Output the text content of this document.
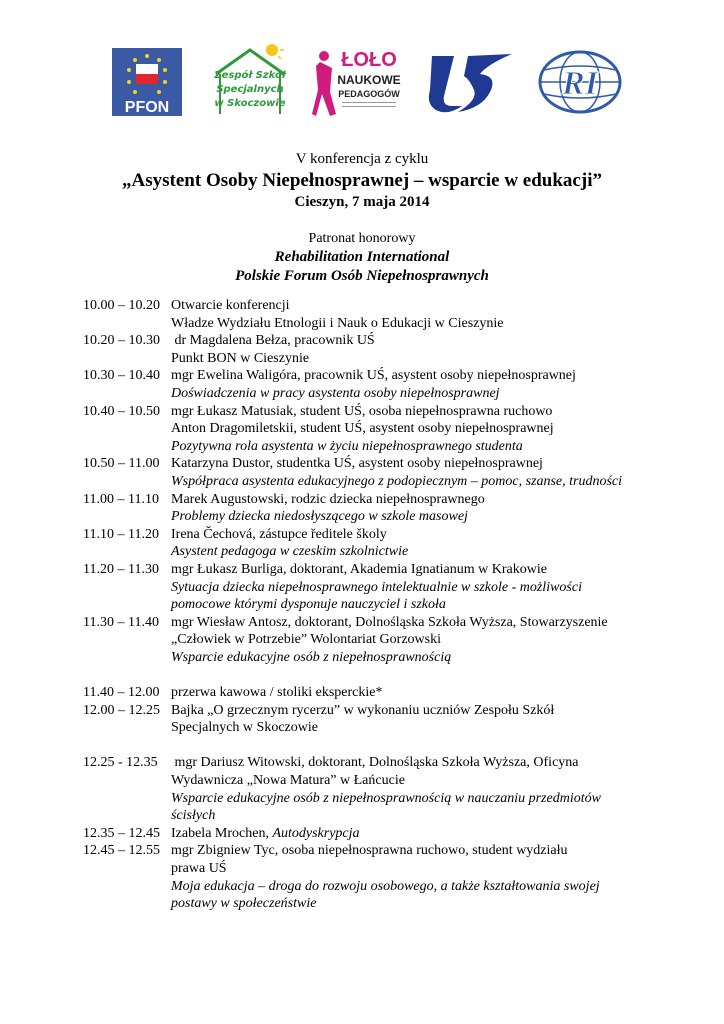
PFON
Zespół Szkół
Specjalnych
w Skoczowie
ŁOŁO
NAUKOWE
PEDAGOGÓW	RI
V konferencja z cyklu
„Asystent Osoby Niepełnosprawnej – wsparcie w edukacji”
Cieszyn, 7 maja 2014
Patronat honorowy
Rehabilitation International
Polskie Forum Osób Niepełnosprawnych
10.00 – 10.20 Otwarcie konferencji
Władze Wydziału Etnologii i Nauk o Edukacji w Cieszynie
10.20 – 10.30 dr Magdalena Bełza, pracownik UŚ
Punkt BON w Cieszynie
10.30 – 10.40 mgr Ewelina Waligóra, pracownik UŚ, asystent osoby niepełnosprawnej
Doświadczenia w pracy asystenta osoby niepełnosprawnej
10.40 – 10.50 mgr Łukasz Matusiak, student UŚ, osoba niepełnosprawna ruchowo
Anton Dragomiletskii, student UŚ, asystent osoby niepełnosprawnej
Pozytywna rola asystenta w życiu niepełnosprawnego studenta
10.50 – 11.00 Katarzyna Dustor, studentka UŚ, asystent osoby niepełnosprawnej
Współpraca asystenta edukacyjnego z podopiecznym – pomoc, szanse, trudności
11.00 – 11.10 Marek Augustowski, rodzic dziecka niepełnosprawnego
Problemy dziecka niedosłyszącego w szkole masowej
11.10 – 11.20 Irena Čechová, zástupce ředitele školy
Asystent pedagoga w czeskim szkolnictwie
11.20 – 11.30 mgr Łukasz Burliga, doktorant, Akademia Ignatianum w Krakowie
Sytuacja dziecka niepełnosprawnego intelektualnie w szkole - możliwości
pomocowe którymi dysponuje nauczyciel i szkoła
11.30 – 11.40 mgr Wiesław Antosz, doktorant, Dolnośląska Szkoła Wyższa, Stowarzyszenie
„Człowiek w Potrzebie” Wolontariat Gorzowski
Wsparcie edukacyjne osób z niepełnosprawnością
11.40 – 12.00 przerwa kawowa / stoliki eksperckie*
12.00 – 12.25 Bajka „O grzecznym rycerzu” w wykonaniu uczniów Zespołu Szkół
Specjalnych w Skoczowie
12.25 - 12.35 mgr Dariusz Witowski, doktorant, Dolnośląska Szkoła Wyższa, Oficyna
Wydawnicza „Nowa Matura” w Łańcucie
Wsparcie edukacyjne osób z niepełnosprawnością w nauczaniu przedmiotów
ścisłych
12.35 – 12.45 Izabela Mrochen, Autodyskrypcja
12.45 – 12.55 mgr Zbigniew Tyc, osoba niepełnosprawna ruchowo, student wydziału
prawa UŚ
Moja edukacja – droga do rozwoju osobowego, a także kształtowania swojej
postawy w społeczeństwie
